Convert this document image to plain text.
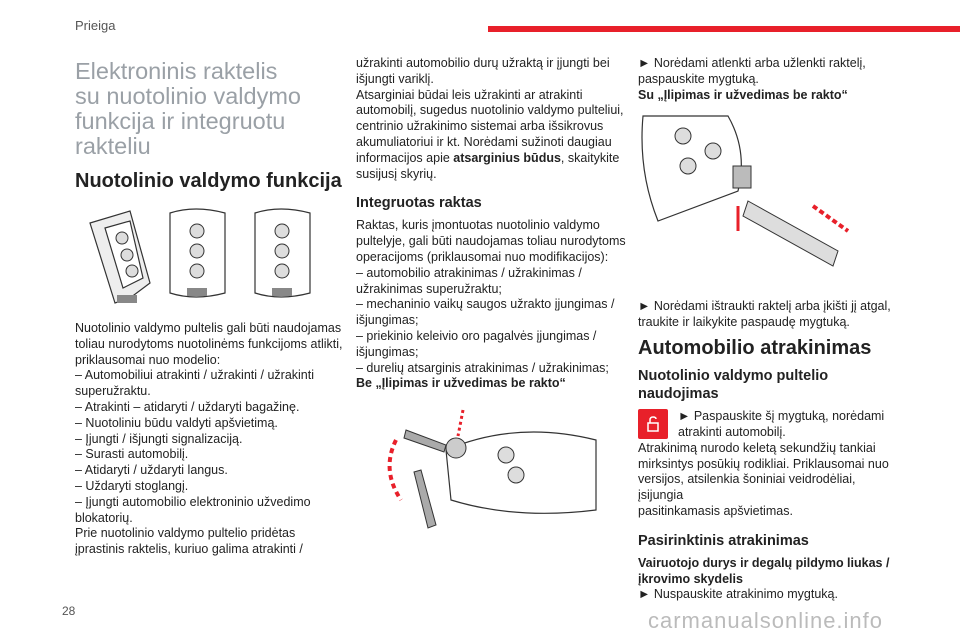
Prieiga
Elektroninis raktelis su nuotolinio valdymo funkcija ir integruotu rakteliu
Nuotolinio valdymo funkcija

Nuotolinio valdymo pultelis gali būti naudojamas

toliau nurodytoms nuotolinėms funkcijoms atlikti,

priklausomai nuo modelio:

– Automobiliui atrakinti / užrakinti / užrakinti

superužraktu.

– Atrakinti – atidaryti / uždaryti bagažinę.

– Nuotoliniu būdu valdyti apšvietimą.

– Įjungti / išjungti signalizaciją.

– Surasti automobilį.

– Atidaryti / uždaryti langus.

– Uždaryti stoglangį.

– Įjungti automobilio elektroninio užvedimo

blokatorių.

Prie nuotolinio valdymo pultelio pridėtas

įprastinis raktelis, kuriuo galima atrakinti /

užrakinti automobilio durų užraktą ir įjungti bei

išjungti variklį.

Atsarginiai būdai leis užrakinti ar atrakinti

automobilį, sugedus nuotolinio valdymo pulteliui,

centrinio užrakinimo sistemai arba išsikrovus

akumuliatoriui ir kt. Norėdami sužinoti daugiau

informacijos apie atsarginius būdus, skaitykite

susijusį skyrių.

Integruotas raktas

Raktas, kuris įmontuotas nuotolinio valdymo

pultelyje, gali būti naudojamas toliau nurodytoms

operacijoms (priklausomai nuo modifikacijos):

– automobilio atrakinimas / užrakinimas /

užrakinimas superužraktu;

– mechaninio vaikų saugos užrakto įjungimas /

išjungimas;

– priekinio keleivio oro pagalvės įjungimas /

išjungimas;

– durelių atsarginis atrakinimas / užrakinimas;

Be „Įlipimas ir užvedimas be rakto“

► Norėdami atlenkti arba užlenkti raktelį,

paspauskite mygtuką.

Su „Įlipimas ir užvedimas be rakto“

► Norėdami ištraukti raktelį arba įkišti jį atgal,

traukite ir laikykite paspaudę mygtuką.

Automobilio atrakinimas
Nuotolinio valdymo pultelio naudojimas

► Paspauskite šį mygtuką, norėdami

atrakinti automobilį.

Atrakinimą nurodo keletą sekundžių tankiai

mirksintys posūkių rodikliai. Priklausomai nuo

versijos, atsilenkia šoniniai veidrodėliai, įsijungia

pasitinkamasis apšvietimas.

Pasirinktinis atrakinimas

Vairuotojo durys ir degalų pildymo liukas /

įkrovimo skydelis

► Nuspauskite atrakinimo mygtuką.

28	carmanualsonline.info
